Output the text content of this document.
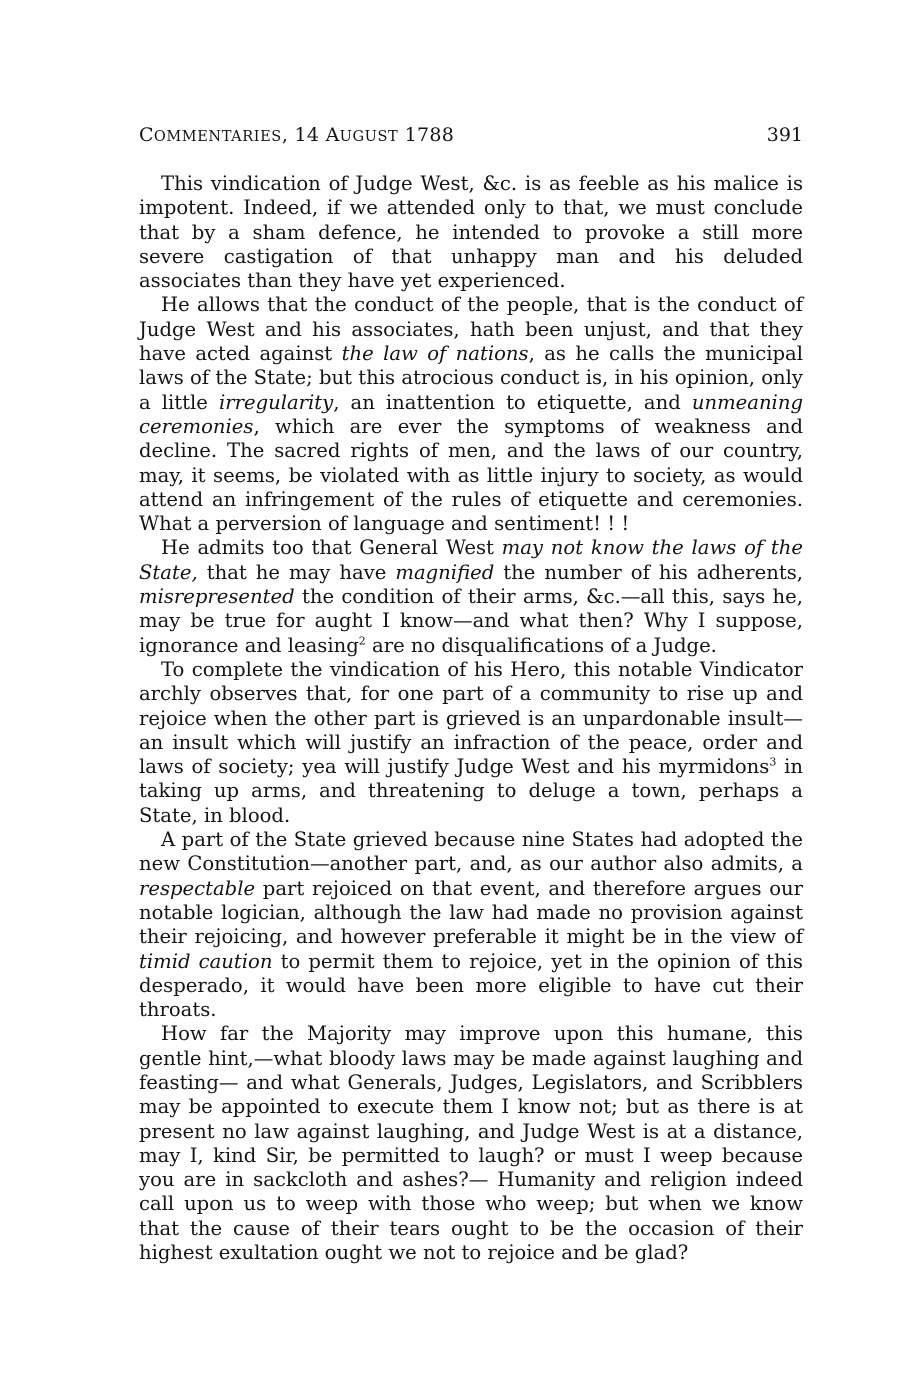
COMMENTARIES, 14 AUGUST 1788	391

This vindication of Judge West, &c. is as feeble as his malice is impotent. Indeed, if we attended only to that, we must conclude that by a sham defence, he intended to provoke a still more severe castigation of that unhappy man and his deluded associates than they have yet experienced.

He allows that the conduct of the people, that is the conduct of Judge West and his associates, hath been unjust, and that they have acted against the law of nations, as he calls the municipal laws of the State; but this atrocious conduct is, in his opinion, only a little irregularity, an inattention to etiquette, and unmeaning ceremonies, which are ever the symptoms of weakness and decline. The sacred rights of men, and the laws of our country, may, it seems, be violated with as little injury to society, as would attend an infringement of the rules of etiquette and ceremonies. What a perversion of language and sentiment! ! !

He admits too that General West may not know the laws of the State, that he may have magnified the number of his adherents, misrepresented the condition of their arms, &c.—all this, says he, may be true for aught I know—and what then? Why I suppose, ignorance and leasing$^2$ are no disqualifications of a Judge.

To complete the vindication of his Hero, this notable Vindicator archly observes that, for one part of a community to rise up and rejoice when the other part is grieved is an unpardonable insult—an insult which will justify an infraction of the peace, order and laws of society; yea will justify Judge West and his myrmidons$^3$ in taking up arms, and threatening to deluge a town, perhaps a State, in blood.

A part of the State grieved because nine States had adopted the new Constitution—another part, and, as our author also admits, a respectable part rejoiced on that event, and therefore argues our notable logician, although the law had made no provision against their rejoicing, and however preferable it might be in the view of timid caution to permit them to rejoice, yet in the opinion of this desperado, it would have been more eligible to have cut their throats.

How far the Majority may improve upon this humane, this gentle hint,—what bloody laws may be made against laughing and feasting— and what Generals, Judges, Legislators, and Scribblers may be appointed to execute them I know not; but as there is at present no law against laughing, and Judge West is at a distance, may I, kind Sir, be permitted to laugh? or must I weep because you are in sackcloth and ashes?— Humanity and religion indeed call upon us to weep with those who weep; but when we know that the cause of their tears ought to be the occasion of their highest exultation ought we not to rejoice and be glad?
